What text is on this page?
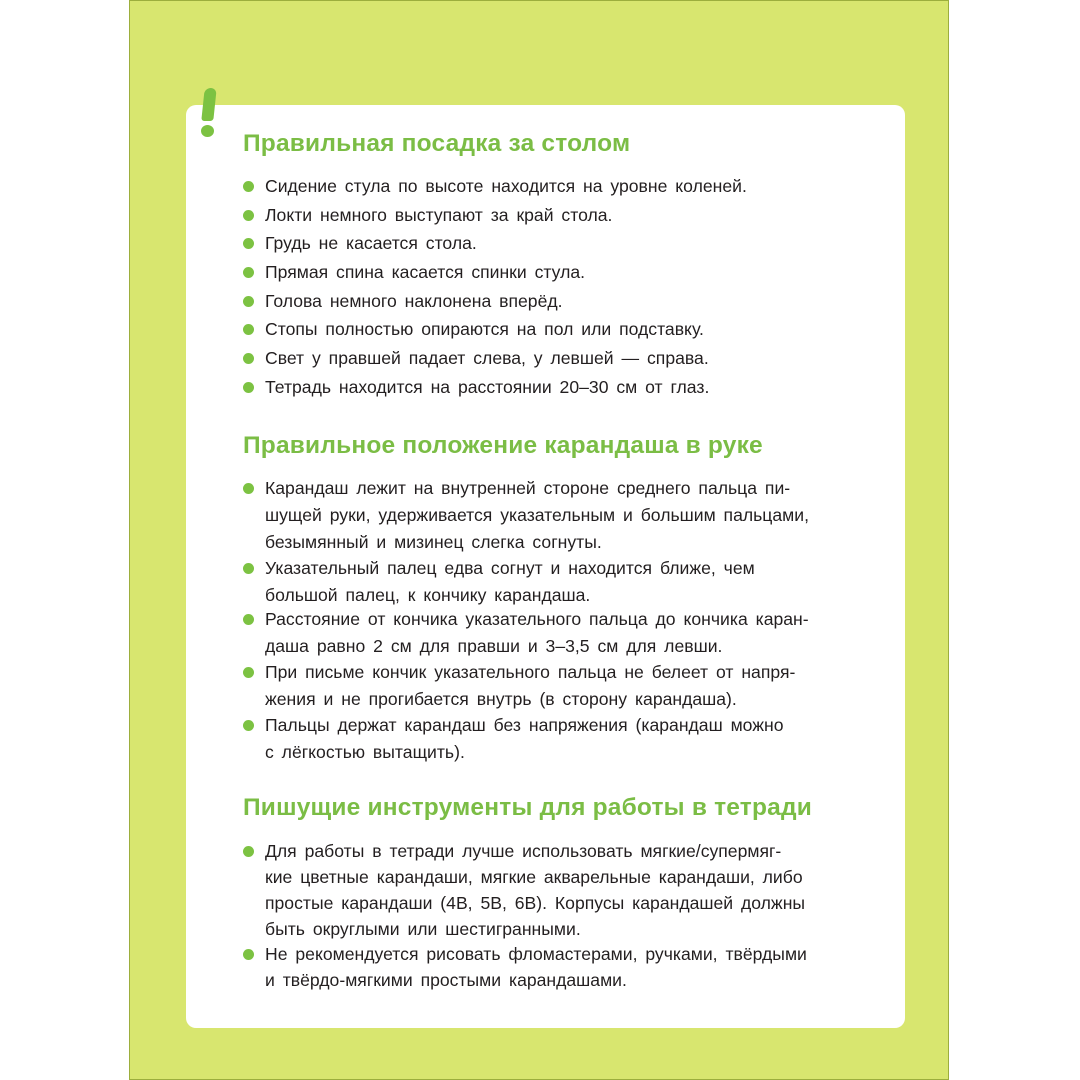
Правильная посадка за столом
Сидение стула по высоте находится на уровне коленей.
Локти немного выступают за край стола.
Грудь не касается стола.
Прямая спина касается спинки стула.
Голова немного наклонена вперёд.
Стопы полностью опираются на пол или подставку.
Свет у правшей падает слева, у левшей — справа.
Тетрадь находится на расстоянии 20–30 см от глаз.
Правильное положение карандаша в руке
Карандаш лежит на внутренней стороне среднего пальца пи-
шущей руки, удерживается указательным и большим пальцами,
безымянный и мизинец слегка согнуты.
Указательный палец едва согнут и находится ближе, чем
большой палец, к кончику карандаша.
Расстояние от кончика указательного пальца до кончика каран-
даша равно 2 см для правши и 3–3,5 см для левши.
При письме кончик указательного пальца не белеет от напря-
жения и не прогибается внутрь (в сторону карандаша).
Пальцы держат карандаш без напряжения (карандаш можно
с лёгкостью вытащить).
Пишущие инструменты для работы в тетради
Для работы в тетради лучше использовать мягкие/супермяг-
кие цветные карандаши, мягкие акварельные карандаши, либо
простые карандаши (4В, 5В, 6В). Корпусы карандашей должны
быть округлыми или шестигранными.
Не рекомендуется рисовать фломастерами, ручками, твёрдыми
и твёрдо-мягкими простыми карандашами.
